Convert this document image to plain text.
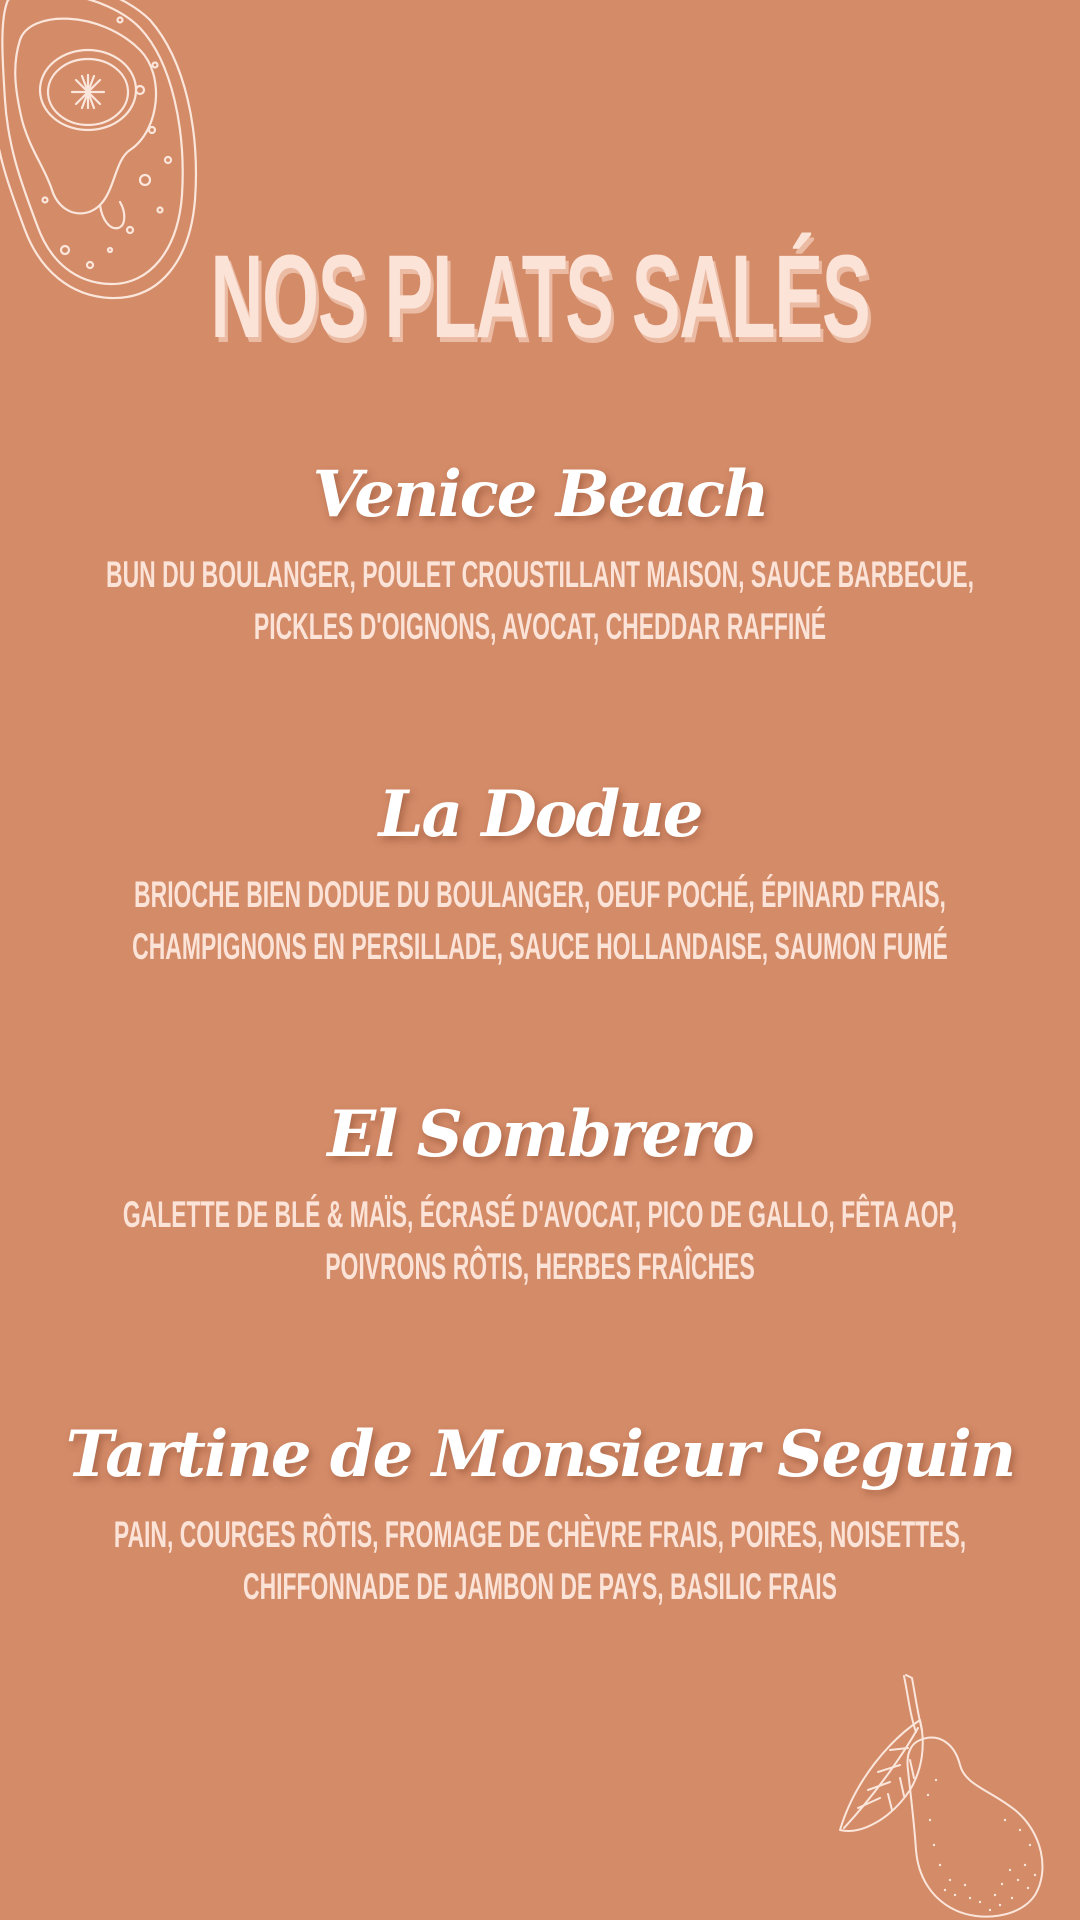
NOS PLATS SALÉS
Venice Beach
BUN DU BOULANGER, POULET CROUSTILLANT MAISON, SAUCE BARBECUE,
PICKLES D'OIGNONS, AVOCAT, CHEDDAR RAFFINÉ
La Dodue
BRIOCHE BIEN DODUE DU BOULANGER, OEUF POCHÉ, ÉPINARD FRAIS,
CHAMPIGNONS EN PERSILLADE, SAUCE HOLLANDAISE, SAUMON FUMÉ
El Sombrero
GALETTE DE BLÉ & MAÏS, ÉCRASÉ D'AVOCAT, PICO DE GALLO, FÊTA AOP,
POIVRONS RÔTIS, HERBES FRAÎCHES
Tartine de Monsieur Seguin
PAIN, COURGES RÔTIS, FROMAGE DE CHÈVRE FRAIS, POIRES, NOISETTES,
CHIFFONNADE DE JAMBON DE PAYS, BASILIC FRAIS
